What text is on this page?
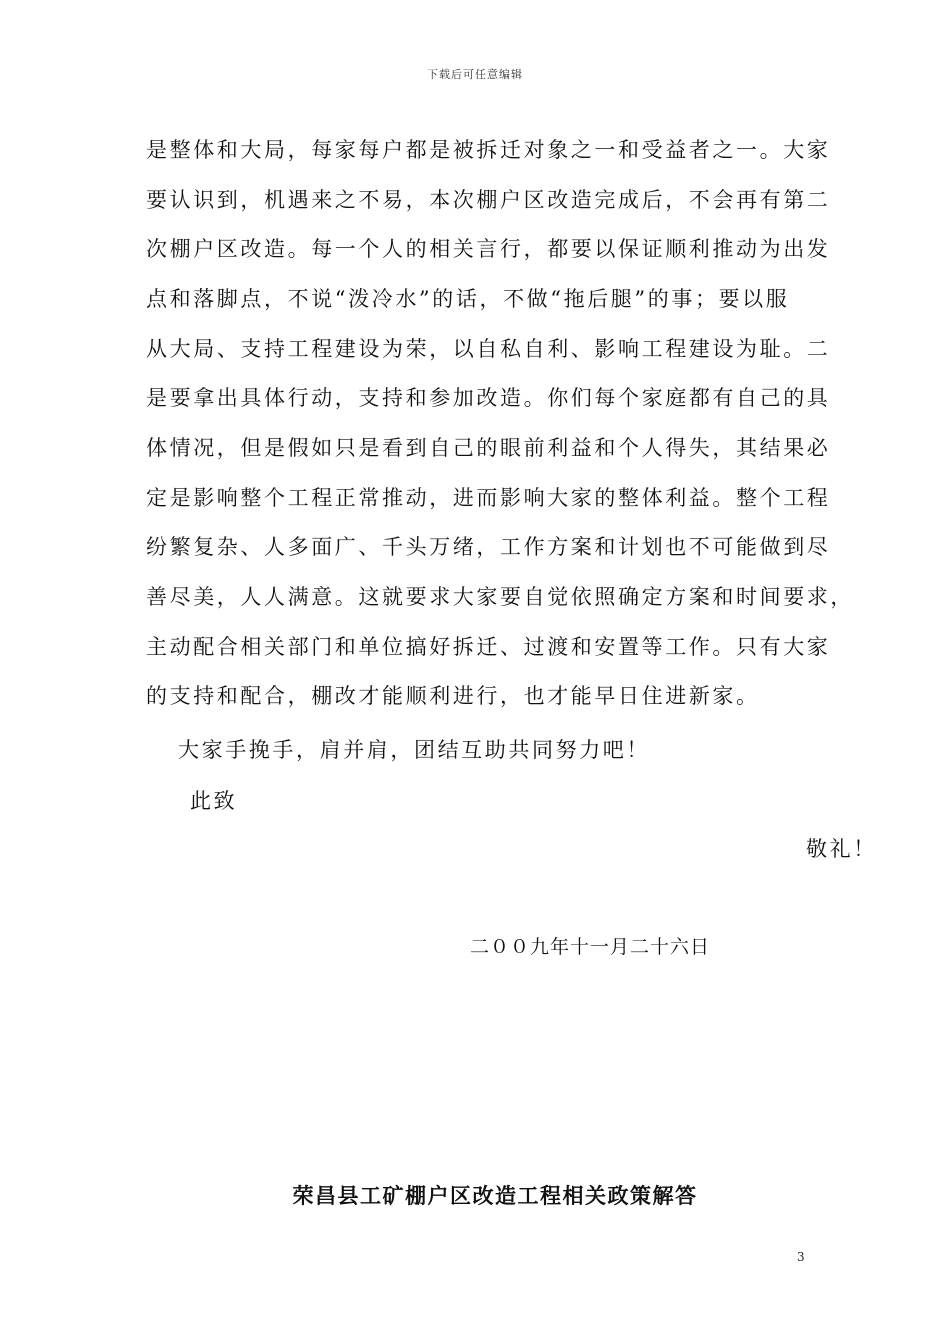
下载后可任意编辑
是整体和大局，每家每户都是被拆迁对象之一和受益者之一。大家
要认识到，机遇来之不易，本次棚户区改造完成后，不会再有第二
次棚户区改造。每一个人的相关言行，都要以保证顺利推动为出发
点和落脚点，不说“泼冷水”的话，不做“拖后腿”的事；要以服
从大局、支持工程建设为荣，以自私自利、影响工程建设为耻。二
是要拿出具体行动，支持和参加改造。你们每个家庭都有自己的具
体情况，但是假如只是看到自己的眼前利益和个人得失，其结果必
定是影响整个工程正常推动，进而影响大家的整体利益。整个工程
纷繁复杂、人多面广、千头万绪，工作方案和计划也不可能做到尽
善尽美，人人满意。这就要求大家要自觉依照确定方案和时间要求，
主动配合相关部门和单位搞好拆迁、过渡和安置等工作。只有大家
的支持和配合，棚改才能顺利进行，也才能早日住进新家。
大家手挽手，肩并肩，团结互助共同努力吧！
此致
敬礼！
二００九年十一月二十六日
荣昌县工矿棚户区改造工程相关政策解答
3
